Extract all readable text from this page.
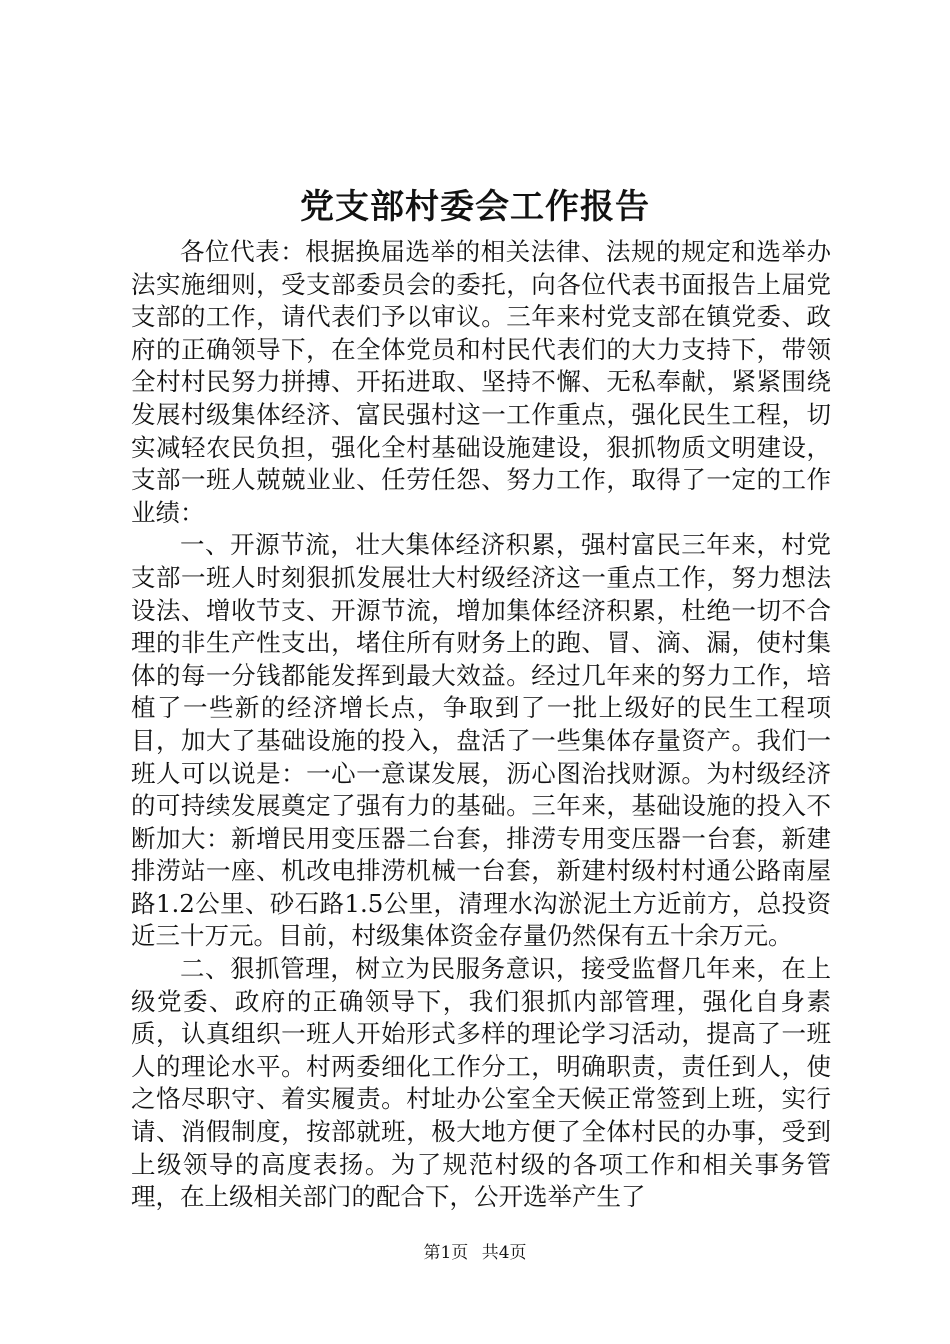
党支部村委会工作报告

各位代表：根据换届选举的相关法律、法规的规定和选举办法实施细则，受支部委员会的委托，向各位代表书面报告上届党支部的工作，请代表们予以审议。三年来村党支部在镇党委、政府的正确领导下，在全体党员和村民代表们的大力支持下，带领全村村民努力拼搏、开拓进取、坚持不懈、无私奉献，紧紧围绕发展村级集体经济、富民强村这一工作重点，强化民生工程，切实减轻农民负担，强化全村基础设施建设，狠抓物质文明建设，支部一班人兢兢业业、任劳任怨、努力工作，取得了一定的工作业绩：

一、开源节流，壮大集体经济积累，强村富民三年来，村党支部一班人时刻狠抓发展壮大村级经济这一重点工作，努力想法设法、增收节支、开源节流，增加集体经济积累，杜绝一切不合理的非生产性支出，堵住所有财务上的跑、冒、滴、漏，使村集体的每一分钱都能发挥到最大效益。经过几年来的努力工作，培植了一些新的经济增长点，争取到了一批上级好的民生工程项目，加大了基础设施的投入，盘活了一些集体存量资产。我们一班人可以说是：一心一意谋发展，沥心图治找财源。为村级经济的可持续发展奠定了强有力的基础。三年来，基础设施的投入不断加大：新增民用变压器二台套，排涝专用变压器一台套，新建排涝站一座、机改电排涝机械一台套，新建村级村村通公路南屋路1.2公里、砂石路1.5公里，清理水沟淤泥土方近前方，总投资近三十万元。目前，村级集体资金存量仍然保有五十余万元。

二、狠抓管理，树立为民服务意识，接受监督几年来，在上级党委、政府的正确领导下，我们狠抓内部管理，强化自身素质，认真组织一班人开始形式多样的理论学习活动，提高了一班人的理论水平。村两委细化工作分工，明确职责，责任到人，使之恪尽职守、着实履责。村址办公室全天候正常签到上班，实行请、消假制度，按部就班，极大地方便了全体村民的办事，受到上级领导的高度表扬。为了规范村级的各项工作和相关事务管理，在上级相关部门的配合下，公开选举产生了

第1页 共4页
